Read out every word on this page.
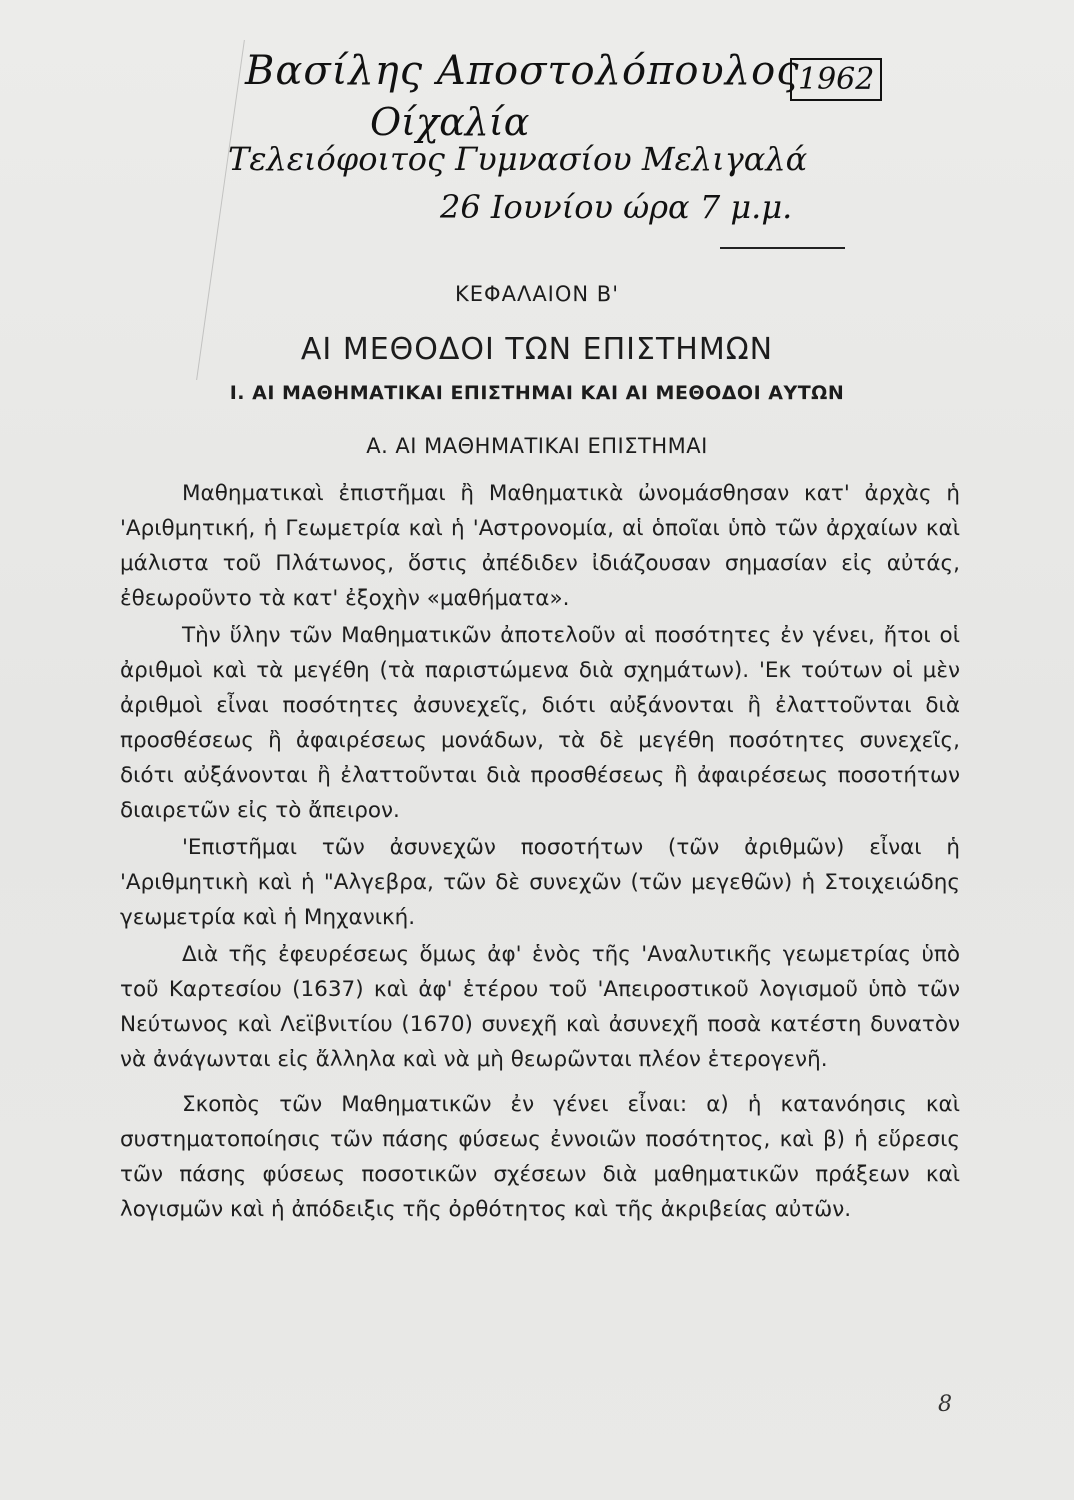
Βασίλης Αποστολόπουλος
1962
Οίχαλία
Τελειόφοιτος Γυμνασίου Μελιγαλά
26 Ιουνίου ώρα 7 μ.μ.
ΚΕΦΑΛΑΙΟΝ Β'
ΑΙ ΜΕΘΟΔΟΙ ΤΩΝ ΕΠΙΣΤΗΜΩΝ
I. ΑΙ ΜΑΘΗΜΑΤΙΚΑΙ ΕΠΙΣΤΗΜΑΙ ΚΑΙ ΑΙ ΜΕΘΟΔΟΙ ΑΥΤΩΝ
Α. ΑΙ ΜΑΘΗΜΑΤΙΚΑΙ ΕΠΙΣΤΗΜΑΙ

Μαθηματικαὶ ἐπιστῆμαι ἢ Μαθηματικὰ ὠνομάσθησαν κατ' ἀρχὰς ἡ 'Αριθμητική, ἡ Γεωμετρία καὶ ἡ 'Αστρονομία, αἱ ὁποῖαι ὑπὸ τῶν ἀρχαίων καὶ μάλιστα τοῦ Πλάτωνος, ὅστις ἀπέδιδεν ἰδιάζουσαν σημασίαν εἰς αὐτάς, ἐθεωροῦντο τὰ κατ' ἐξοχὴν «μαθήματα».

Τὴν ὕλην τῶν Μαθηματικῶν ἀποτελοῦν αἱ ποσότητες ἐν γένει, ἤτοι οἱ ἀριθμοὶ καὶ τὰ μεγέθη (τὰ παριστώμενα διὰ σχημάτων). 'Εκ τούτων οἱ μὲν ἀριθμοὶ εἶναι ποσότητες ἀσυνεχεῖς, διότι αὐξάνονται ἢ ἐλαττοῦνται διὰ προσθέσεως ἢ ἀφαιρέσεως μονάδων, τὰ δὲ μεγέθη ποσότητες συνεχεῖς, διότι αὐξάνονται ἢ ἐλαττοῦνται διὰ προσθέσεως ἢ ἀφαιρέσεως ποσοτήτων διαιρετῶν εἰς τὸ ἄπειρον.

'Επιστῆμαι τῶν ἀσυνεχῶν ποσοτήτων (τῶν ἀριθμῶν) εἶναι ἡ 'Αριθμητικὴ καὶ ἡ "Αλγεβρα, τῶν δὲ συνεχῶν (τῶν μεγεθῶν) ἡ Στοιχειώδης γεωμετρία καὶ ἡ Μηχανική.

Διὰ τῆς ἐφευρέσεως ὅμως ἀφ' ἑνὸς τῆς 'Αναλυτικῆς γεωμετρίας ὑπὸ τοῦ Καρτεσίου (1637) καὶ ἀφ' ἑτέρου τοῦ 'Απειροστικοῦ λογισμοῦ ὑπὸ τῶν Νεύτωνος καὶ Λεϊβνιτίου (1670) συνεχῆ καὶ ἀσυνεχῆ ποσὰ κατέστη δυνατὸν νὰ ἀνάγωνται εἰς ἄλληλα καὶ νὰ μὴ θεωρῶνται πλέον ἑτερογενῆ.

Σκοπὸς τῶν Μαθηματικῶν ἐν γένει εἶναι: α) ἡ κατανόησις καὶ συστηματοποίησις τῶν πάσης φύσεως ἐννοιῶν ποσότητος, καὶ β) ἡ εὕρεσις τῶν πάσης φύσεως ποσοτικῶν σχέσεων διὰ μαθηματικῶν πράξεων καὶ λογισμῶν καὶ ἡ ἀπόδειξις τῆς ὀρθότητος καὶ τῆς ἀκριβείας αὐτῶν.

8
